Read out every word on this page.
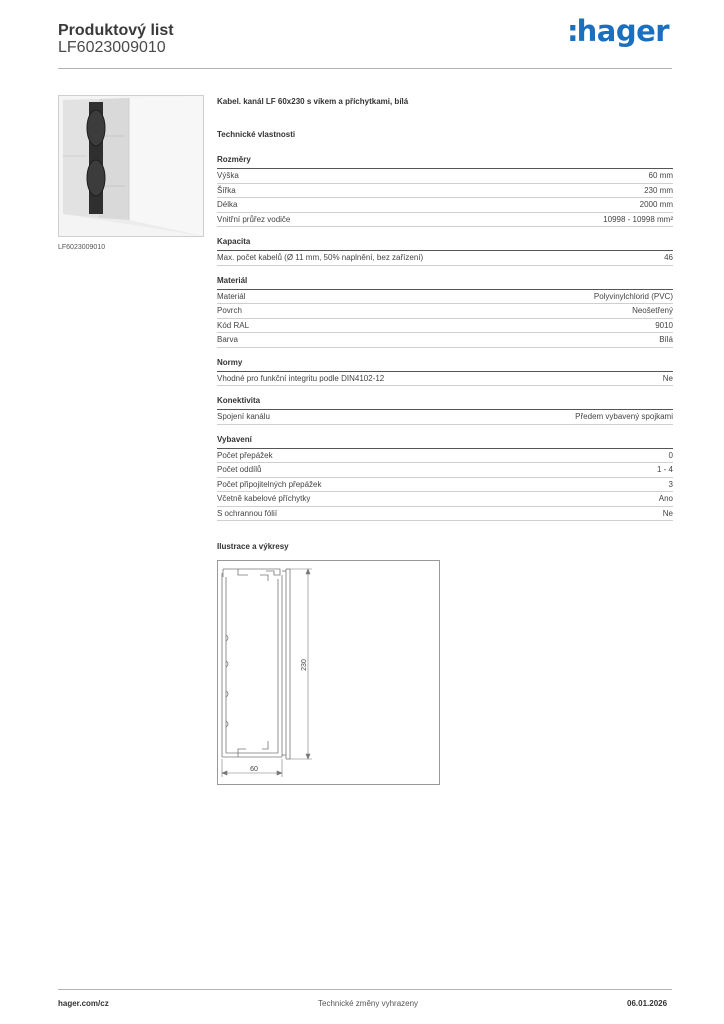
Produktový list
LF6023009010	:hager
LF6023009010
Kabel. kanál LF 60x230 s víkem a příchytkami, bílá
Technické vlastnosti
Rozměry
Výška	60 mm
Šířka	230 mm
Délka	2000 mm
Vnitřní průřez vodiče	10998 - 10998 mm²
Kapacita
Max. počet kabelů (Ø 11 mm, 50% naplnění, bez zařízení)	46
Materiál
Materiál	Polyvinylchlorid (PVC)
Povrch	Neošetřený
Kód RAL	9010
Barva	Bílá
Normy
Vhodné pro funkční integritu podle DIN4102-12	Ne
Konektivita
Spojení kanálu	Předem vybavený spojkami
Vybavení
Počet přepážek	0
Počet oddílů	1 - 4
Počet připojitelných přepážek	3
Včetně kabelové příchytky	Ano
S ochrannou fólií	Ne
Ilustrace a výkresy
230
60
hager.com/cz	Technické změny vyhrazeny	06.01.2026
